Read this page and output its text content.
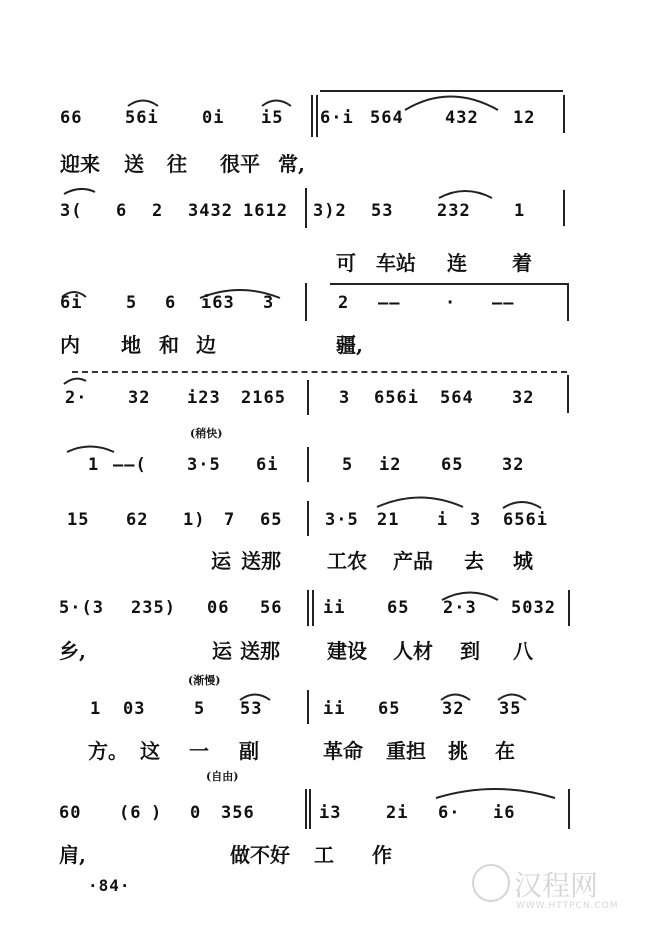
66	56i	0i i5 6·i 564 432 12
迎来 送 往 很平 常,
3( 6 2 3432 1612 3)2 53	232	1
可 车站 连 着
6i	5 6 i63 3	2 ——	· ——
内 地 和 边	疆,
2· 32 i23 2165	3 656i 564 32
(稍快)
1 ——( 3·5 6i	5 i2 65 32
15 62 1) 7 65	3·5 21 i 3 656i
运 送那 工农 产品 去 城
5·(3 235) 06 56 ii 65 2·3 5032
乡,	运 送那 建设 人材 到 八
(渐慢)
1 03	5 53	ii 65 32 35
方。 这 一 副	革命 重担 挑 在
(自由)
60 (6 ) 0 356	i3	2i 6· i6
肩,	做不好 工 作
·84·	汉程网
WWW.HTTPCN.COM
